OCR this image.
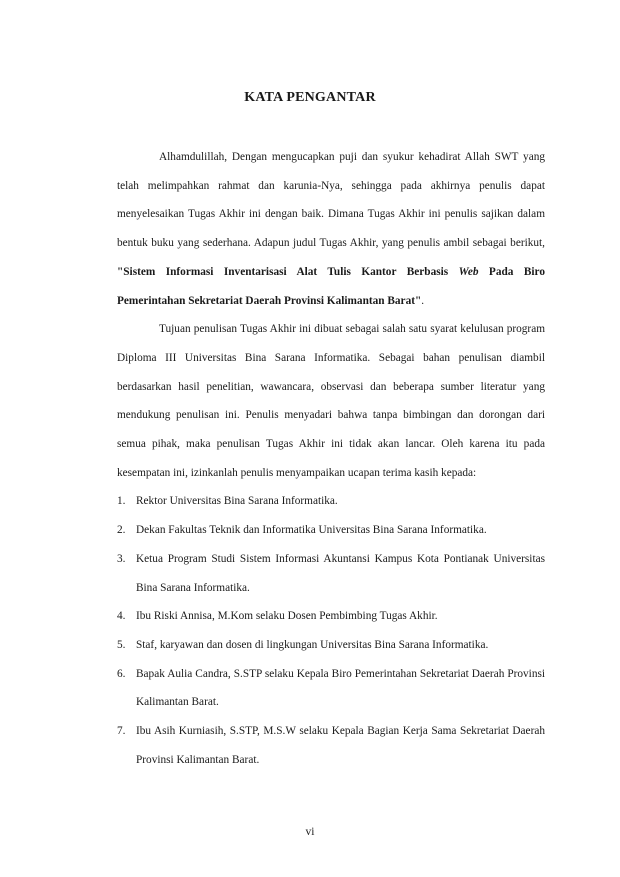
KATA PENGANTAR

Alhamdulillah, Dengan mengucapkan puji dan syukur kehadirat Allah SWT yang telah melimpahkan rahmat dan karunia-Nya, sehingga pada akhirnya penulis dapat menyelesaikan Tugas Akhir ini dengan baik. Dimana Tugas Akhir ini penulis sajikan dalam bentuk buku yang sederhana. Adapun judul Tugas Akhir, yang penulis ambil sebagai berikut, "Sistem Informasi Inventarisasi Alat Tulis Kantor Berbasis Web Pada Biro Pemerintahan Sekretariat Daerah Provinsi Kalimantan Barat".

Tujuan penulisan Tugas Akhir ini dibuat sebagai salah satu syarat kelulusan program Diploma III Universitas Bina Sarana Informatika. Sebagai bahan penulisan diambil berdasarkan hasil penelitian, wawancara, observasi dan beberapa sumber literatur yang mendukung penulisan ini. Penulis menyadari bahwa tanpa bimbingan dan dorongan dari semua pihak, maka penulisan Tugas Akhir ini tidak akan lancar. Oleh karena itu pada kesempatan ini, izinkanlah penulis menyampaikan ucapan terima kasih kepada:

1. Rektor Universitas Bina Sarana Informatika.
2. Dekan Fakultas Teknik dan Informatika Universitas Bina Sarana Informatika.
3. Ketua Program Studi Sistem Informasi Akuntansi Kampus Kota Pontianak Universitas Bina Sarana Informatika.
4. Ibu Riski Annisa, M.Kom selaku Dosen Pembimbing Tugas Akhir.
5. Staf, karyawan dan dosen di lingkungan Universitas Bina Sarana Informatika.
6. Bapak Aulia Candra, S.STP selaku Kepala Biro Pemerintahan Sekretariat Daerah Provinsi Kalimantan Barat.
7. Ibu Asih Kurniasih, S.STP, M.S.W selaku Kepala Bagian Kerja Sama Sekretariat Daerah Provinsi Kalimantan Barat.
vi
